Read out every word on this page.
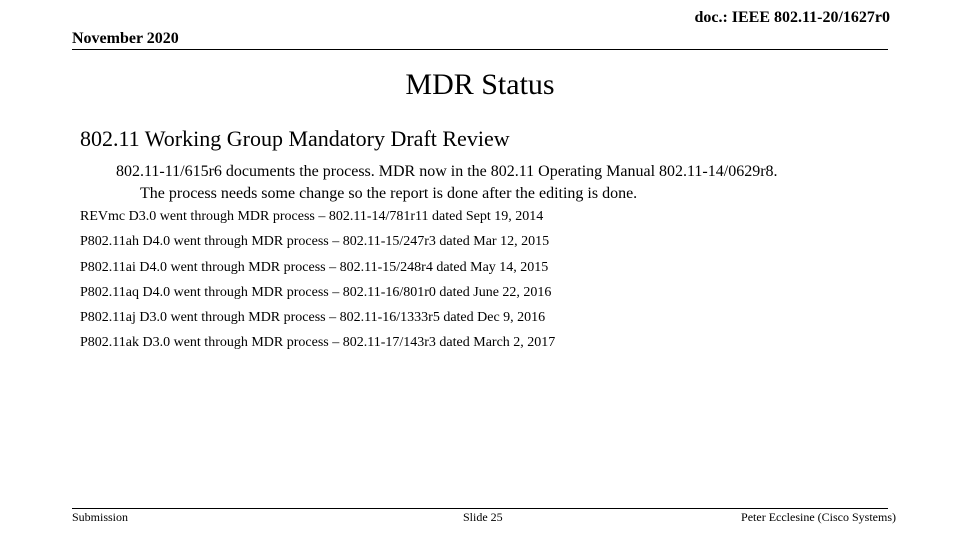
doc.: IEEE 802.11-20/1627r0
November 2020
MDR Status
802.11 Working Group Mandatory Draft Review
802.11-11/615r6 documents the process. MDR now in the 802.11 Operating Manual 802.11-14/0629r8.
The process needs some change so the report is done after the editing is done.
REVmc D3.0 went through MDR process – 802.11-14/781r11 dated Sept 19, 2014
P802.11ah D4.0 went through MDR process – 802.11-15/247r3 dated Mar 12, 2015
P802.11ai D4.0 went through MDR process – 802.11-15/248r4 dated May 14, 2015
P802.11aq D4.0 went through MDR process – 802.11-16/801r0 dated June 22, 2016
P802.11aj D3.0 went through MDR process – 802.11-16/1333r5 dated Dec 9, 2016
P802.11ak D3.0 went through MDR process – 802.11-17/143r3 dated March 2, 2017
Submission	Slide 25	Peter Ecclesine (Cisco Systems)
